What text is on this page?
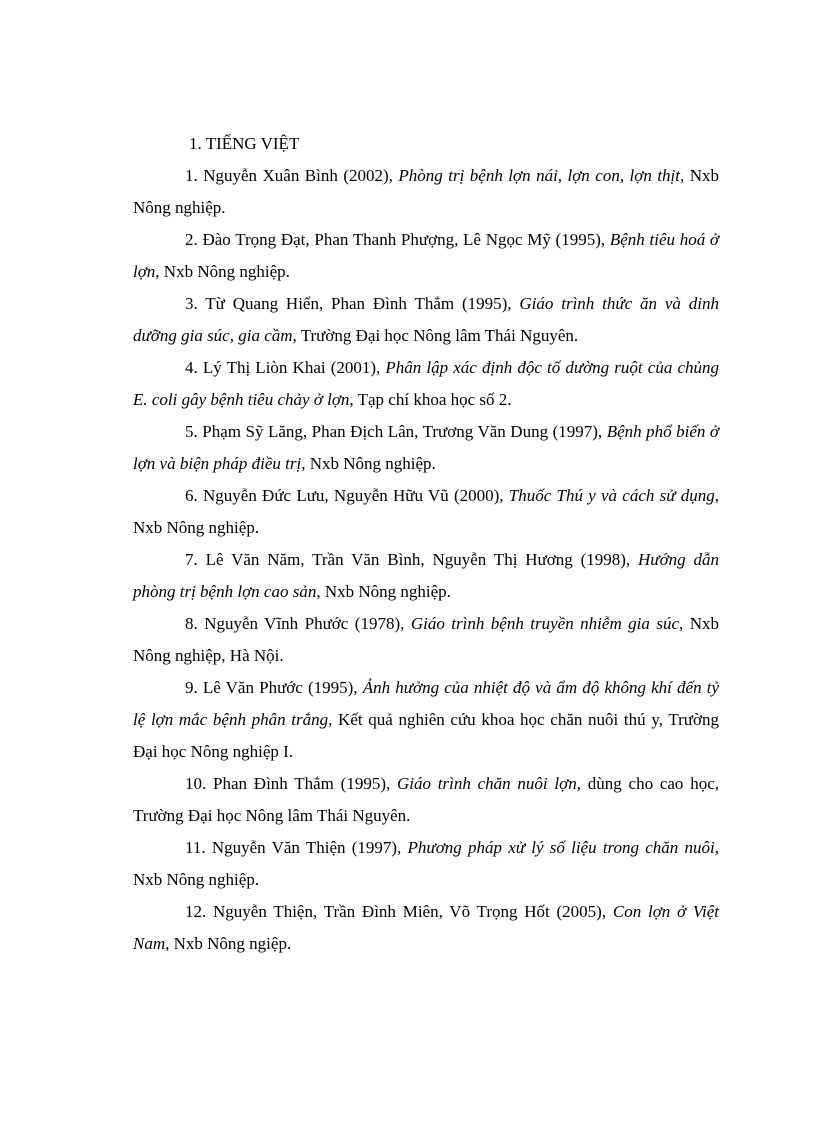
1. TIẾNG VIỆT

1. Nguyễn Xuân Bình (2002), Phòng trị bệnh lợn nái, lợn con, lợn thịt, Nxb Nông nghiệp.

2. Đào Trọng Đạt, Phan Thanh Phượng, Lê Ngọc Mỹ (1995), Bệnh tiêu hoá ở lợn, Nxb Nông nghiệp.

3. Từ Quang Hiển, Phan Đình Thắm (1995), Giáo trình thức ăn và dinh dưỡng gia súc, gia cầm, Trường Đại học Nông lâm Thái Nguyên.

4. Lý Thị Liòn Khai (2001), Phân lập xác định độc tố dường ruột của chủng E. coli gây bệnh tiêu chảy ở lợn, Tạp chí khoa học số 2.

5. Phạm Sỹ Lăng, Phan Địch Lân, Trương Văn Dung (1997), Bệnh phổ biến ở lợn và biện pháp điều trị, Nxb Nông nghiệp.

6. Nguyễn Đức Lưu, Nguyễn Hữu Vũ (2000), Thuốc Thú y và cách sử dụng, Nxb Nông nghiệp.

7. Lê Văn Năm, Trần Văn Bình, Nguyễn Thị Hương (1998), Hướng dẫn phòng trị bệnh lợn cao sản, Nxb Nông nghiệp.

8. Nguyễn Vĩnh Phước (1978), Giáo trình bệnh truyền nhiễm gia súc, Nxb Nông nghiệp, Hà Nội.

9. Lê Văn Phước (1995), Ảnh hưởng của nhiệt độ và ẩm độ không khí đến tỷ lệ lợn mắc bệnh phân trắng, Kết quả nghiên cứu khoa học chăn nuôi thú y, Trường Đại học Nông nghiệp I.

10. Phan Đình Thắm (1995), Giáo trình chăn nuôi lợn, dùng cho cao học, Trường Đại học Nông lâm Thái Nguyên.

11. Nguyễn Văn Thiện (1997), Phương pháp xử lý số liệu trong chăn nuôi, Nxb Nông nghiệp.

12. Nguyễn Thiện, Trần Đình Miên, Võ Trọng Hốt (2005), Con lợn ở Việt Nam, Nxb Nông ngiệp.
